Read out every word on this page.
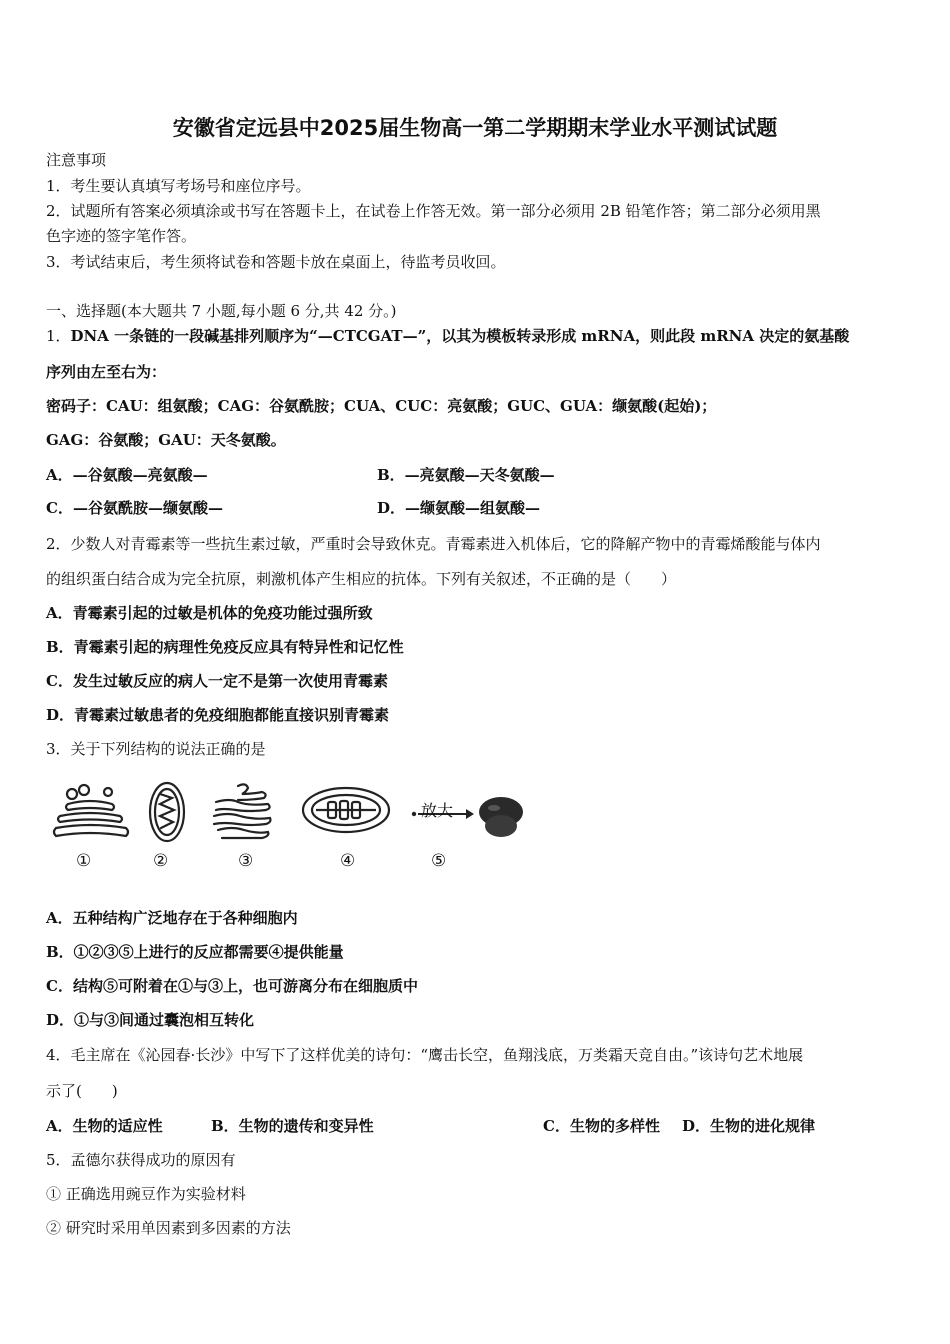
安徽省定远县中2025届生物高一第二学期期末学业水平测试试题

注意事项

1．考生要认真填写考场号和座位序号。

2．试题所有答案必须填涂或书写在答题卡上，在试卷上作答无效。第一部分必须用 2B 铅笔作答；第二部分必须用黑

色字迹的签字笔作答。

3．考试结束后，考生须将试卷和答题卡放在桌面上，待监考员收回。

一、选择题(本大题共 7 小题,每小题 6 分,共 42 分。)

1．DNA 一条链的一段碱基排列顺序为“—CTCGAT—”，以其为模板转录形成 mRNA，则此段 mRNA 决定的氨基酸

序列由左至右为：

密码子：CAU：组氨酸；CAG：谷氨酰胺；CUA、CUC：亮氨酸；GUC、GUA：缬氨酸(起始)；

GAG：谷氨酸；GAU：天冬氨酸。

A．—谷氨酸—亮氨酸—	B．—亮氨酸—天冬氨酸—

C．—谷氨酰胺—缬氨酸—	D．—缬氨酸—组氨酸—

2．少数人对青霉素等一些抗生素过敏，严重时会导致休克。青霉素进入机体后，它的降解产物中的青霉烯酸能与体内

的组织蛋白结合成为完全抗原，刺激机体产生相应的抗体。下列有关叙述，不正确的是（　　）

A．青霉素引起的过敏是机体的免疫功能过强所致

B．青霉素引起的病理性免疫反应具有特异性和记忆性

C．发生过敏反应的病人一定不是第一次使用青霉素

D．青霉素过敏患者的免疫细胞都能直接识别青霉素

3．关于下列结构的说法正确的是

放大
①	②	③	④	⑤

A．五种结构广泛地存在于各种细胞内

B．①②③⑤上进行的反应都需要④提供能量

C．结构⑤可附着在①与③上，也可游离分布在细胞质中

D．①与③间通过囊泡相互转化

4．毛主席在《沁园春·长沙》中写下了这样优美的诗句：“鹰击长空，鱼翔浅底，万类霜天竞自由。”该诗句艺术地展

示了(　　)

A．生物的适应性	B．生物的遗传和变异性	C．生物的多样性 D．生物的进化规律

5．孟德尔获得成功的原因有

① 正确选用豌豆作为实验材料

② 研究时采用单因素到多因素的方法
